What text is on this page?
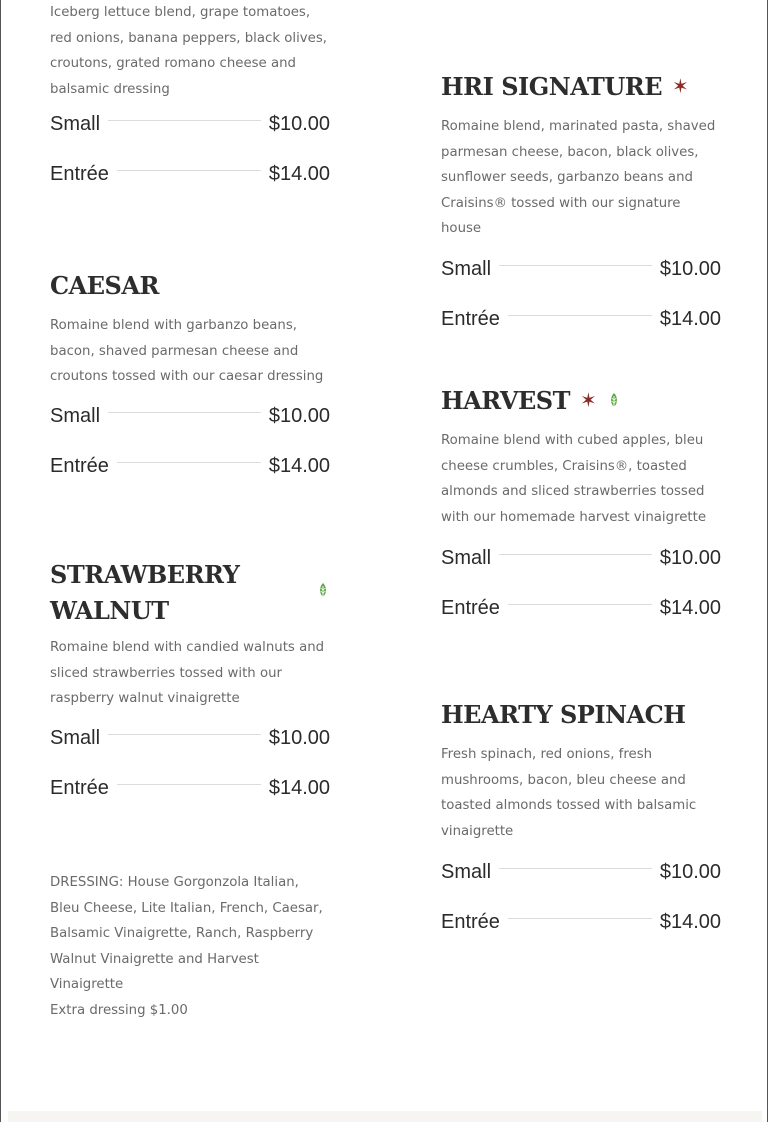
Iceberg lettuce blend, grape tomatoes, red onions, banana peppers, black olives, croutons, grated romano cheese and balsamic dressing

Small	$10.00
Entrée	$14.00
CAESAR

Romaine blend with garbanzo beans, bacon, shaved parmesan cheese and croutons tossed with our caesar dressing

Small	$10.00
Entrée	$14.00
STRAWBERRY WALNUT

Romaine blend with candied walnuts and sliced strawberries tossed with our raspberry walnut vinaigrette

Small	$10.00
Entrée	$14.00

DRESSING: House Gorgonzola Italian, Bleu Cheese, Lite Italian, French, Caesar, Balsamic Vinaigrette, Ranch, Raspberry Walnut Vinaigrette and Harvest Vinaigrette

Extra dressing $1.00

HRI SIGNATURE ✶

Romaine blend, marinated pasta, shaved parmesan cheese, bacon, black olives, sunflower seeds, garbanzo beans and Craisins® tossed with our signature house

Small	$10.00
Entrée	$14.00
HARVEST ✶

Romaine blend with cubed apples, bleu cheese crumbles, Craisins®, toasted almonds and sliced strawberries tossed with our homemade harvest vinaigrette

Small	$10.00
Entrée	$14.00
HEARTY SPINACH

Fresh spinach, red onions, fresh mushrooms, bacon, bleu cheese and toasted almonds tossed with balsamic vinaigrette

Small	$10.00
Entrée	$14.00
